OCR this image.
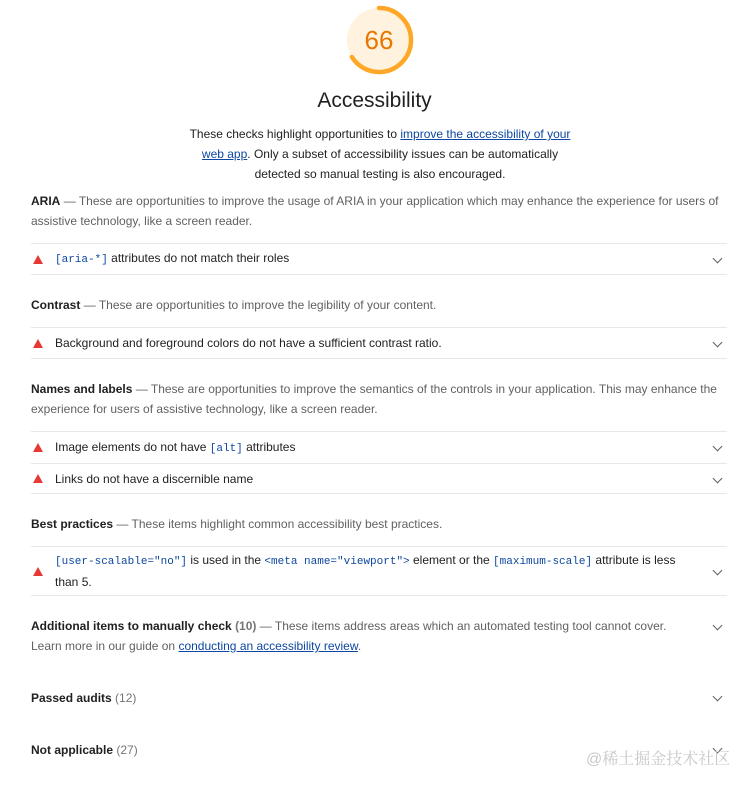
66
Accessibility
These checks highlight opportunities to improve the accessibility of your web app. Only a subset of accessibility issues can be automatically detected so manual testing is also encouraged.
ARIA — These are opportunities to improve the usage of ARIA in your application which may enhance the experience for users of assistive technology, like a screen reader.
[aria-*] attributes do not match their roles
Contrast — These are opportunities to improve the legibility of your content.
Background and foreground colors do not have a sufficient contrast ratio.
Names and labels — These are opportunities to improve the semantics of the controls in your application. This may enhance the experience for users of assistive technology, like a screen reader.
Image elements do not have [alt] attributes
Links do not have a discernible name
Best practices — These items highlight common accessibility best practices.
[user-scalable="no"] is used in the <meta name="viewport"> element or the [maximum-scale] attribute is less than 5.
Additional items to manually check (10) — These items address areas which an automated testing tool cannot cover. Learn more in our guide on conducting an accessibility review.
Passed audits (12)
Not applicable (27)
@稀土掘金技术社区
